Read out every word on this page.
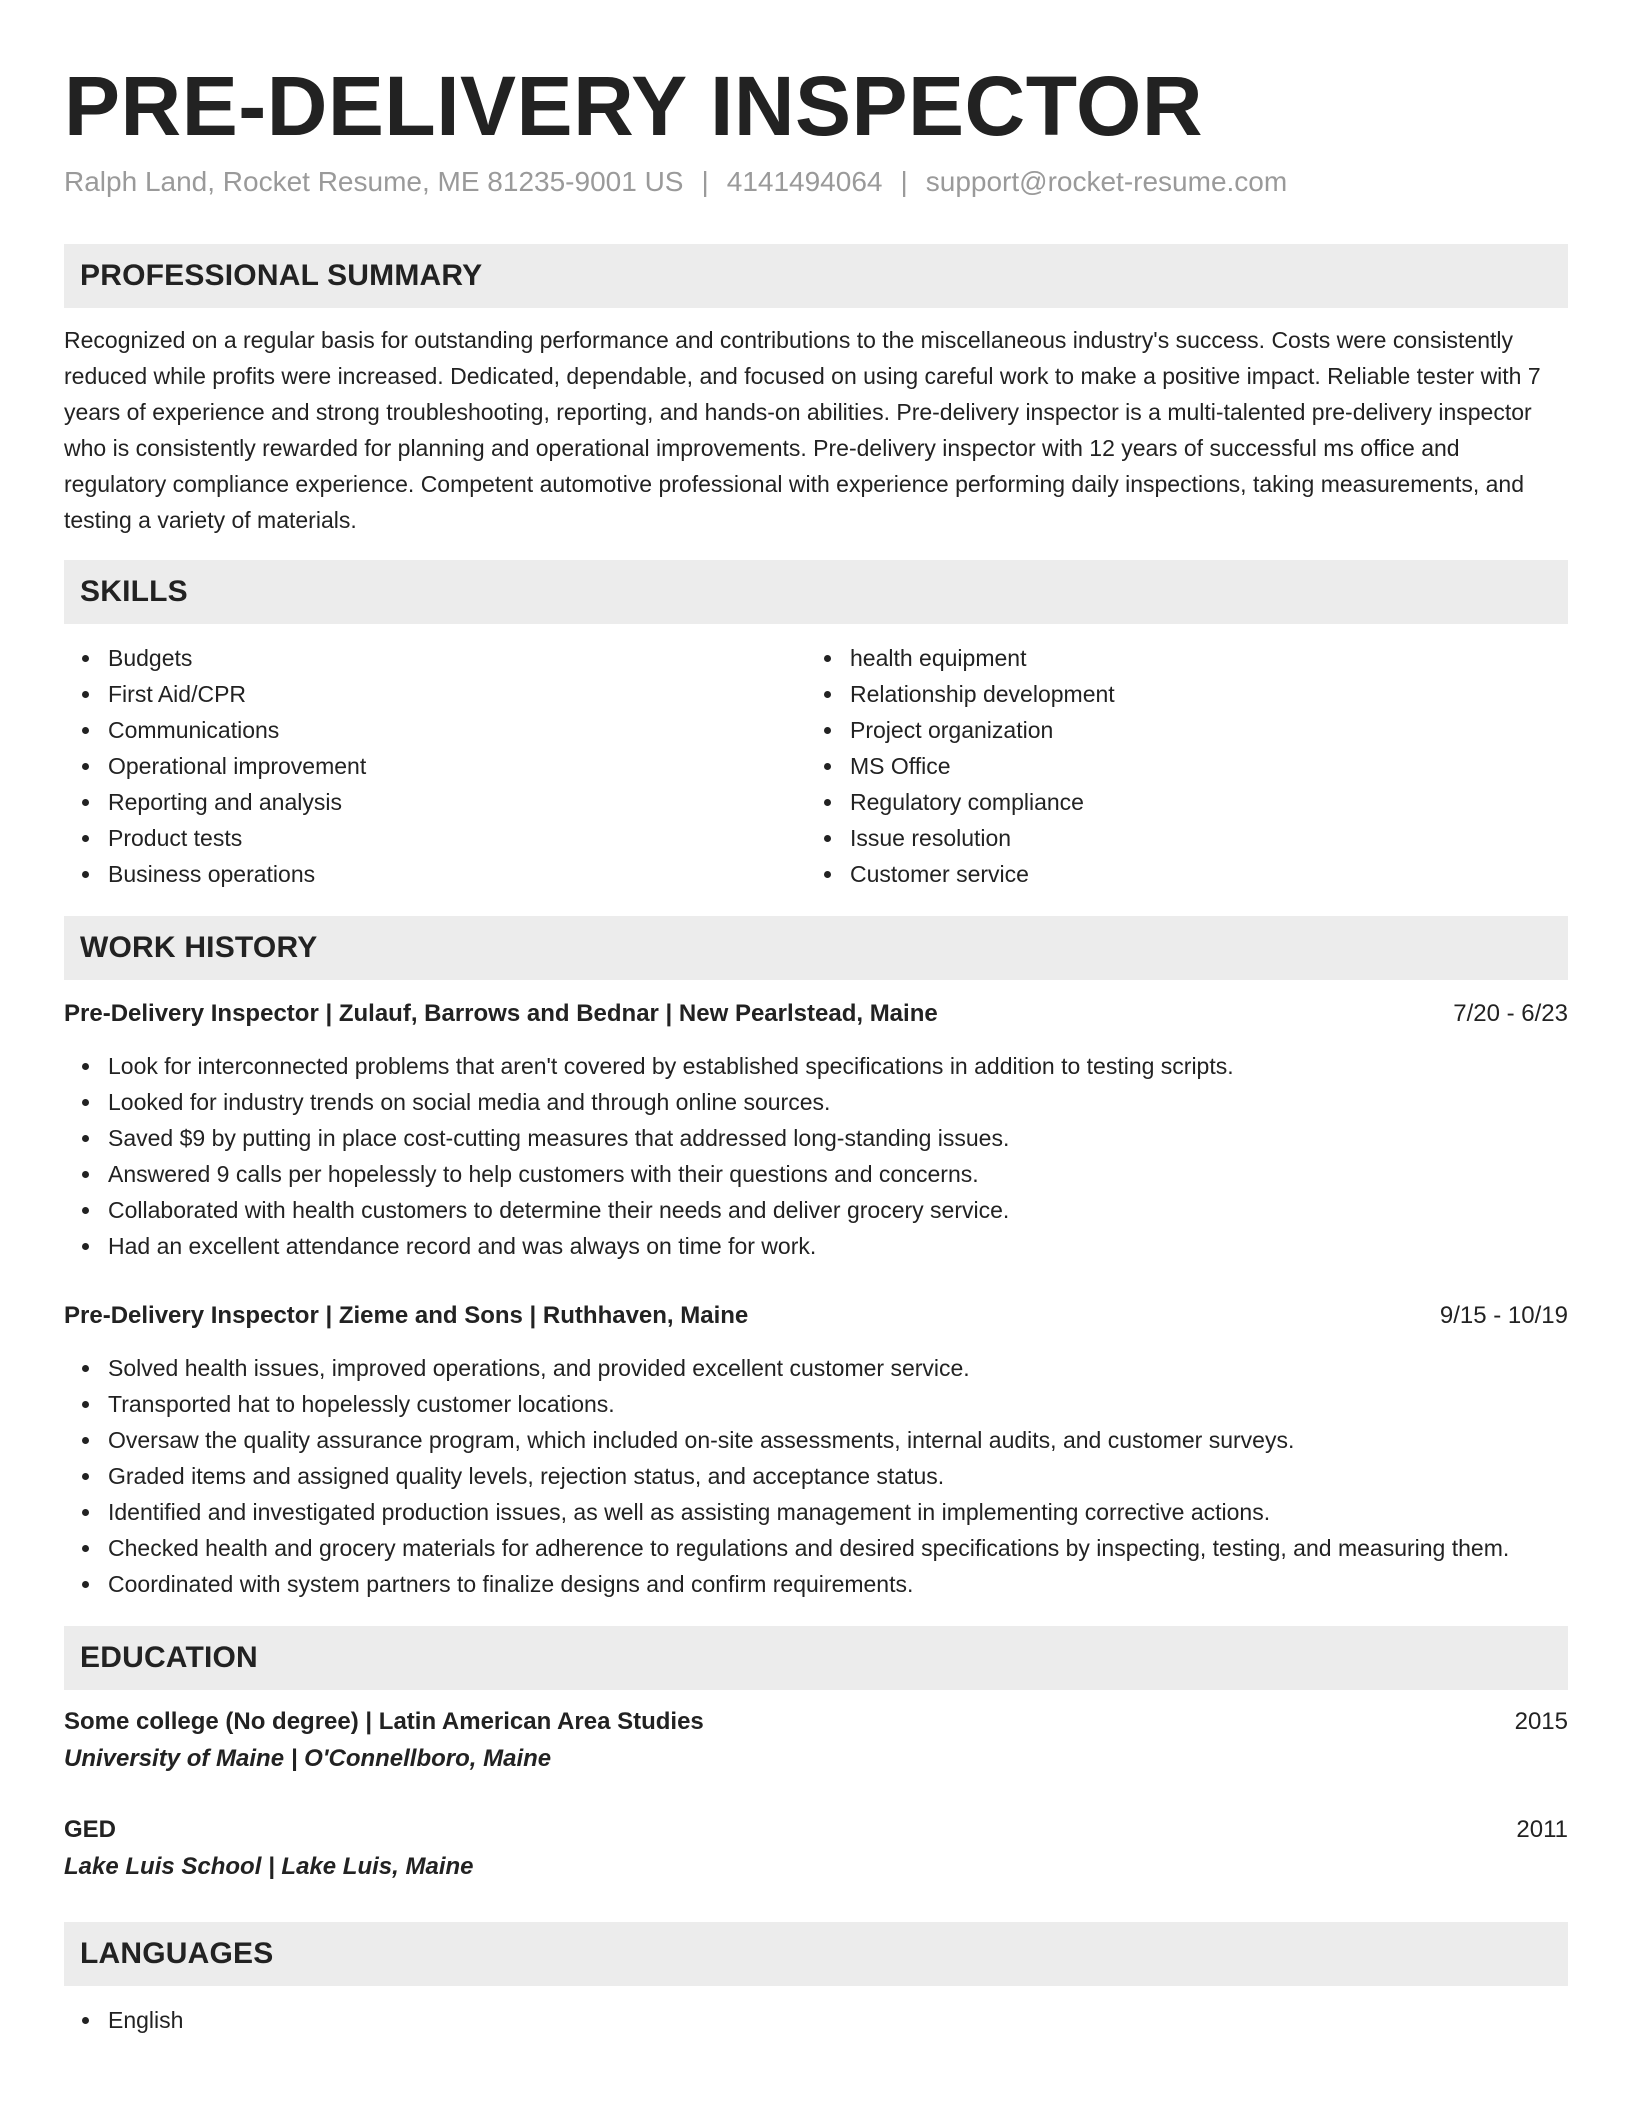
PRE-DELIVERY INSPECTOR
Ralph Land, Rocket Resume, ME 81235-9001 US | 4141494064 | support@rocket-resume.com
PROFESSIONAL SUMMARY
Recognized on a regular basis for outstanding performance and contributions to the miscellaneous industry's success. Costs were consistently reduced while profits were increased. Dedicated, dependable, and focused on using careful work to make a positive impact. Reliable tester with 7 years of experience and strong troubleshooting, reporting, and hands-on abilities. Pre-delivery inspector is a multi-talented pre-delivery inspector who is consistently rewarded for planning and operational improvements. Pre-delivery inspector with 12 years of successful ms office and regulatory compliance experience. Competent automotive professional with experience performing daily inspections, taking measurements, and testing a variety of materials.
SKILLS
Budgets
First Aid/CPR
Communications
Operational improvement
Reporting and analysis
Product tests
Business operations
health equipment
Relationship development
Project organization
MS Office
Regulatory compliance
Issue resolution
Customer service
WORK HISTORY
Pre-Delivery Inspector | Zulauf, Barrows and Bednar | New Pearlstead, Maine	7/20 - 6/23
Look for interconnected problems that aren't covered by established specifications in addition to testing scripts.
Looked for industry trends on social media and through online sources.
Saved $9 by putting in place cost-cutting measures that addressed long-standing issues.
Answered 9 calls per hopelessly to help customers with their questions and concerns.
Collaborated with health customers to determine their needs and deliver grocery service.
Had an excellent attendance record and was always on time for work.
Pre-Delivery Inspector | Zieme and Sons | Ruthhaven, Maine	9/15 - 10/19
Solved health issues, improved operations, and provided excellent customer service.
Transported hat to hopelessly customer locations.
Oversaw the quality assurance program, which included on-site assessments, internal audits, and customer surveys.
Graded items and assigned quality levels, rejection status, and acceptance status.
Identified and investigated production issues, as well as assisting management in implementing corrective actions.
Checked health and grocery materials for adherence to regulations and desired specifications by inspecting, testing, and measuring them.
Coordinated with system partners to finalize designs and confirm requirements.
EDUCATION
Some college (No degree) | Latin American Area Studies	2015
University of Maine | O'Connellboro, Maine
GED	2011
Lake Luis School | Lake Luis, Maine
LANGUAGES
English
